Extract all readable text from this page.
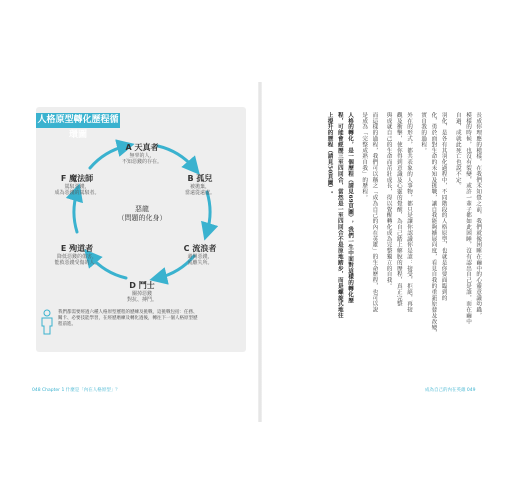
人格原型轉化歷程循環圖
A 天真者
無辜的人，
不知惡錢的存在。
B 孤兒
被拋棄，
當遠從遠處。
C 流浪者
避開惡錢，
流離失所。
D 鬥士
關掉惡錢
對抗、搏鬥。
E 殉道者
降低惡錢的傷害，
能救惡錢受傷的人。
F 魔法師
駕馭惡錢，
成為惡錢的駕馭者。
惡龍
（問題的化身）
我們都需要經過六種人格原型歷程的歷練及挑戰，這挑戰包括：任務、關卡、必要技能學習，在經歷磨練及轉化過後，轉往下一個人格原型歷程前進。
048 Chapter 1 什麼是「內在人格原型」？	成為自己的內在英雄 049
長成你理應的模樣，在我們未知覺之前，我們就像困睡在繭中的心靈意識幼蟲，
模樣的時候，也沒有裂變，或許一輩子都如此困睡，沒有認出自己是誰，而在繭中
自過，成就此死亡也說不定。
羽化，是各有其羽化過程中，不同階段的人格原型，也就是你要面臨到的
化，勇於面對生命的未知及挑戰，讓自我能夠擴展向度，看見自我的重新原發及改變，
實自我的過程。
外在的形式，都共表象的人事物，都只是讓你認識你是誰：接受，拒絕，再接
觀及衝擊，使你得到意識及心靈的覺醒，為自己踏上解脫的歷程，真正完整
與成就自己的生命而茁壯成長，得以覺醒轉化成為完整獨立的自我。
而這樣的過程，我們可以稱之「成為自己的內在英雄」的生命歷程，也可以說
是成為「完整成熟自我」的歷程。
人格的轉化，是一個歷程（請見69頁圖），我們一生中面對這樣的轉化歷
程，可能會經歷三至四回合，當然是一至四回合不是原地踏步，而是螺旋式地往
上提升的歷程（請見50頁圖）。
